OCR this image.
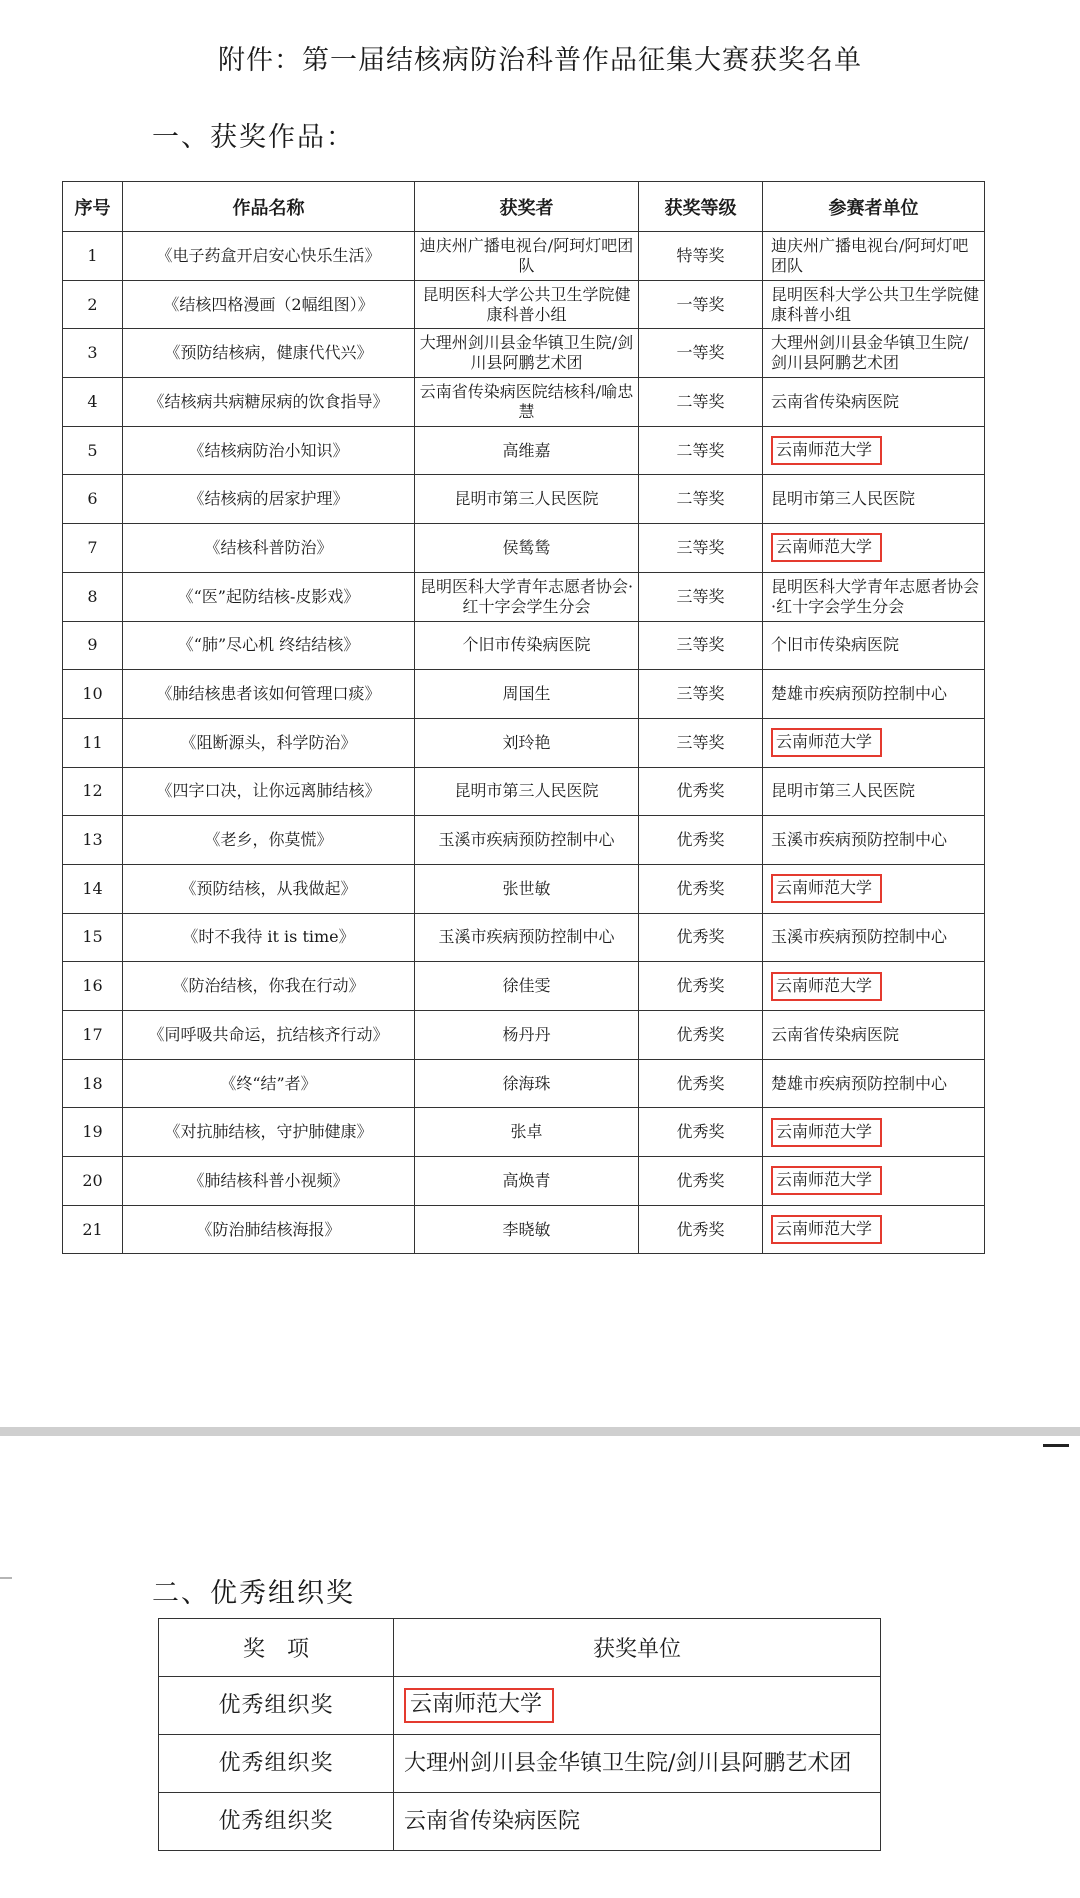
附件：第一届结核病防治科普作品征集大赛获奖名单
一、获奖作品：
序号	作品名称	获奖者	获奖等级	参赛者单位
1	《电子药盒开启安心快乐生活》	迪庆州广播电视台/阿珂灯吧团队	特等奖	迪庆州广播电视台/阿珂灯吧团队
2	《结核四格漫画（2幅组图）》	昆明医科大学公共卫生学院健康科普小组	一等奖	昆明医科大学公共卫生学院健康科普小组
3	《预防结核病，健康代代兴》	大理州剑川县金华镇卫生院/剑川县阿鹏艺术团	一等奖	大理州剑川县金华镇卫生院/剑川县阿鹏艺术团
4	《结核病共病糖尿病的饮食指导》	云南省传染病医院结核科/喻忠慧	二等奖	云南省传染病医院
5	《结核病防治小知识》	高维嘉	二等奖	云南师范大学
6	《结核病的居家护理》	昆明市第三人民医院	二等奖	昆明市第三人民医院
7	《结核科普防治》	侯鸶鸶	三等奖	云南师范大学
8	《“医”起防结核-皮影戏》	昆明医科大学青年志愿者协会·红十字会学生分会	三等奖	昆明医科大学青年志愿者协会·红十字会学生分会
9	《“肺”尽心机 终结结核》	个旧市传染病医院	三等奖	个旧市传染病医院
10	《肺结核患者该如何管理口痰》	周国生	三等奖	楚雄市疾病预防控制中心
11	《阻断源头，科学防治》	刘玲艳	三等奖	云南师范大学
12	《四字口决，让你远离肺结核》	昆明市第三人民医院	优秀奖	昆明市第三人民医院
13	《老乡，你莫慌》	玉溪市疾病预防控制中心	优秀奖	玉溪市疾病预防控制中心
14	《预防结核，从我做起》	张世敏	优秀奖	云南师范大学
15	《时不我待 it is time》	玉溪市疾病预防控制中心	优秀奖	玉溪市疾病预防控制中心
16	《防治结核，你我在行动》	徐佳雯	优秀奖	云南师范大学
17	《同呼吸共命运，抗结核齐行动》	杨丹丹	优秀奖	云南省传染病医院
18	《终“结”者》	徐海珠	优秀奖	楚雄市疾病预防控制中心
19	《对抗肺结核，守护肺健康》	张卓	优秀奖	云南师范大学
20	《肺结核科普小视频》	高焕青	优秀奖	云南师范大学
21	《防治肺结核海报》	李晓敏	优秀奖	云南师范大学
二、优秀组织奖
奖　项	获奖单位
优秀组织奖	云南师范大学
优秀组织奖	大理州剑川县金华镇卫生院/剑川县阿鹏艺术团
优秀组织奖	云南省传染病医院
